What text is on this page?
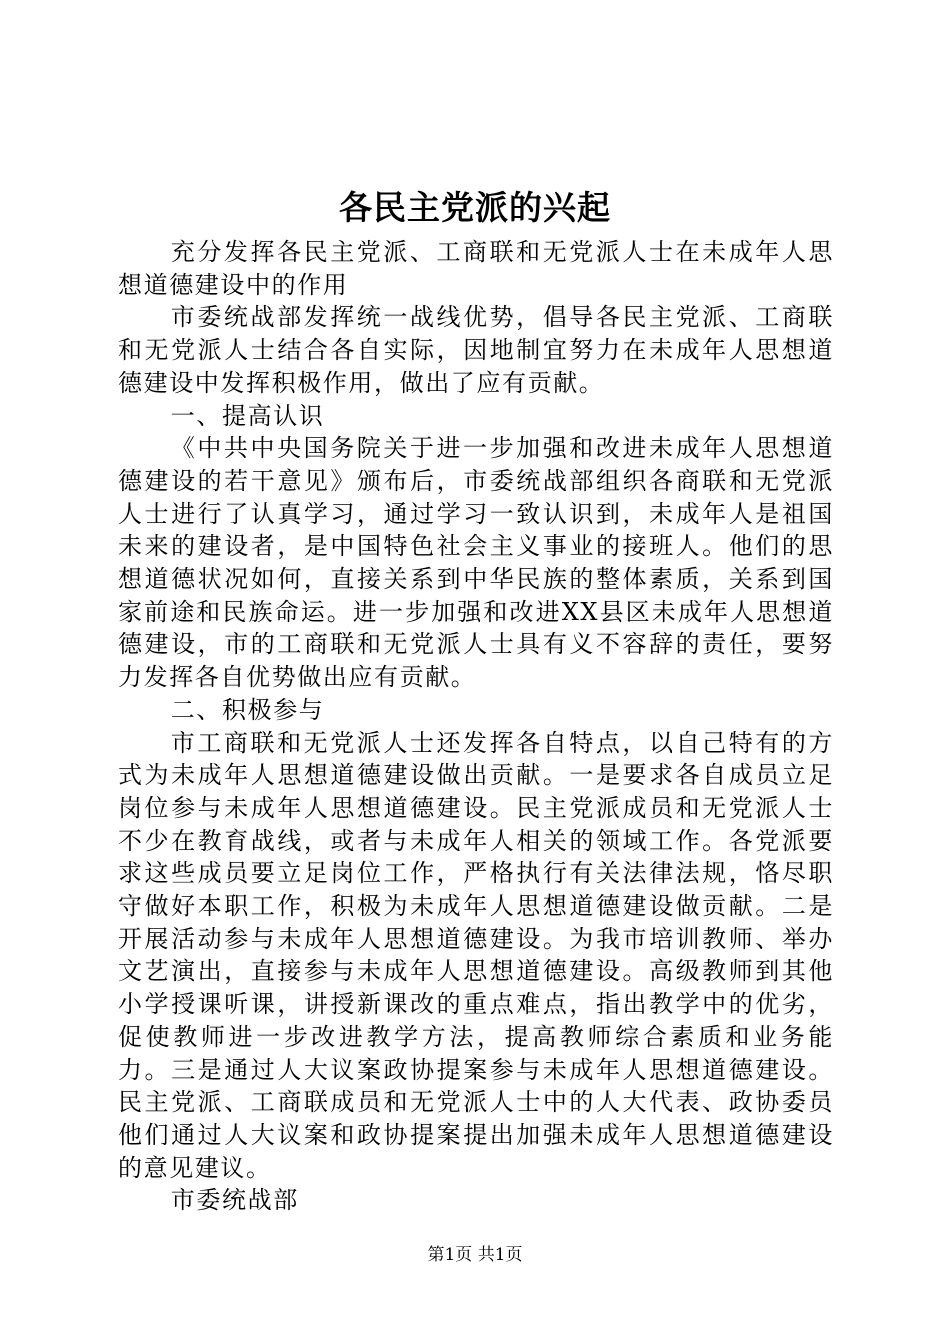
各民主党派的兴起

充分发挥各民主党派、工商联和无党派人士在未成年人思想道德建设中的作用

市委统战部发挥统一战线优势，倡导各民主党派、工商联和无党派人士结合各自实际，因地制宜努力在未成年人思想道德建设中发挥积极作用，做出了应有贡献。

一、提高认识

《中共中央国务院关于进一步加强和改进未成年人思想道德建设的若干意见》颁布后，市委统战部组织各商联和无党派人士进行了认真学习，通过学习一致认识到，未成年人是祖国未来的建设者，是中国特色社会主义事业的接班人。他们的思想道德状况如何，直接关系到中华民族的整体素质，关系到国家前途和民族命运。进一步加强和改进XX县区未成年人思想道德建设，市的工商联和无党派人士具有义不容辞的责任，要努力发挥各自优势做出应有贡献。

二、积极参与

市工商联和无党派人士还发挥各自特点，以自己特有的方式为未成年人思想道德建设做出贡献。一是要求各自成员立足岗位参与未成年人思想道德建设。民主党派成员和无党派人士不少在教育战线，或者与未成年人相关的领域工作。各党派要求这些成员要立足岗位工作，严格执行有关法律法规，恪尽职守做好本职工作，积极为未成年人思想道德建设做贡献。二是开展活动参与未成年人思想道德建设。为我市培训教师、举办文艺演出，直接参与未成年人思想道德建设。高级教师到其他小学授课听课，讲授新课改的重点难点，指出教学中的优劣，促使教师进一步改进教学方法，提高教师综合素质和业务能力。三是通过人大议案政协提案参与未成年人思想道德建设。民主党派、工商联成员和无党派人士中的人大代表、政协委员他们通过人大议案和政协提案提出加强未成年人思想道德建设的意见建议。

市委统战部

第1页 共1页
